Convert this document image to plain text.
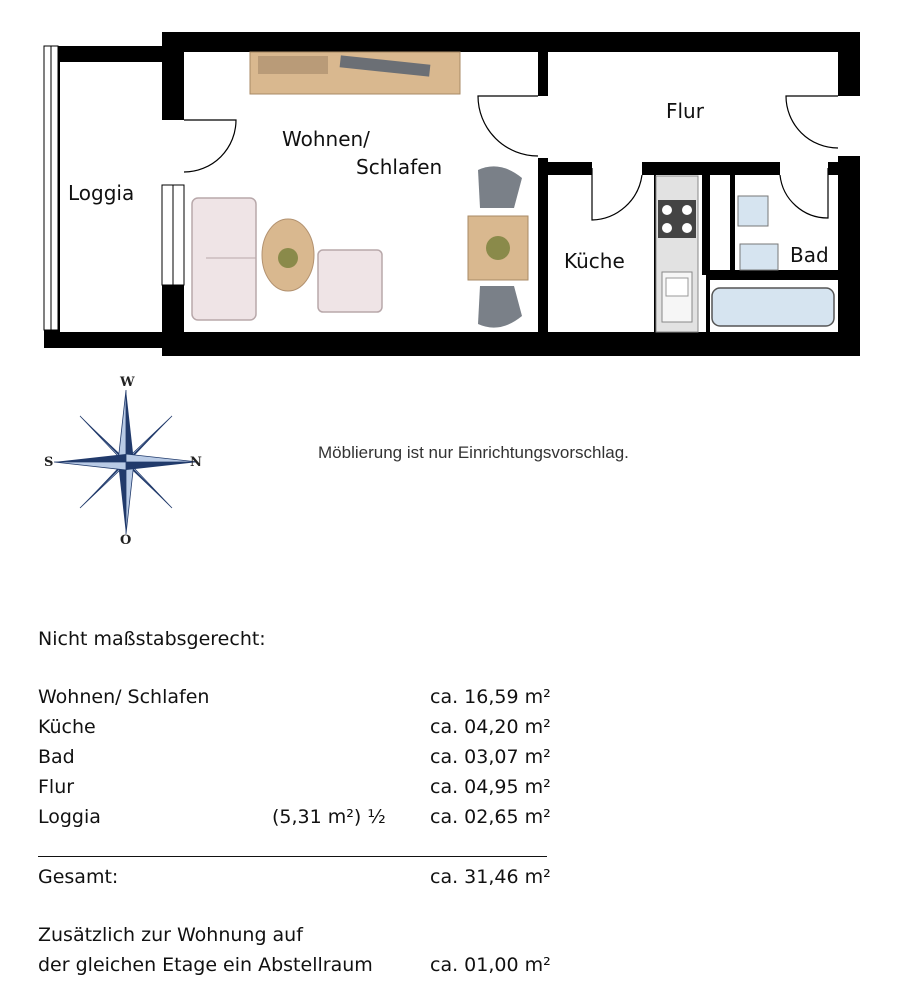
Wohnen/
Schlafen
Flur
Loggia
Küche	Bad
W
N
O
S
Möblierung ist nur Einrichtungsvorschlag.
Nicht maßstabsgerecht:
Wohnen/ Schlafen	ca. 16,59 m²
Küche	ca. 04,20 m²
Bad	ca. 03,07 m²
Flur	ca. 04,95 m²
Loggia	(5,31 m²) ½ ca. 02,65 m²
Gesamt:	ca. 31,46 m²
Zusätzlich zur Wohnung auf
der gleichen Etage ein Abstellraum	ca. 01,00 m²
